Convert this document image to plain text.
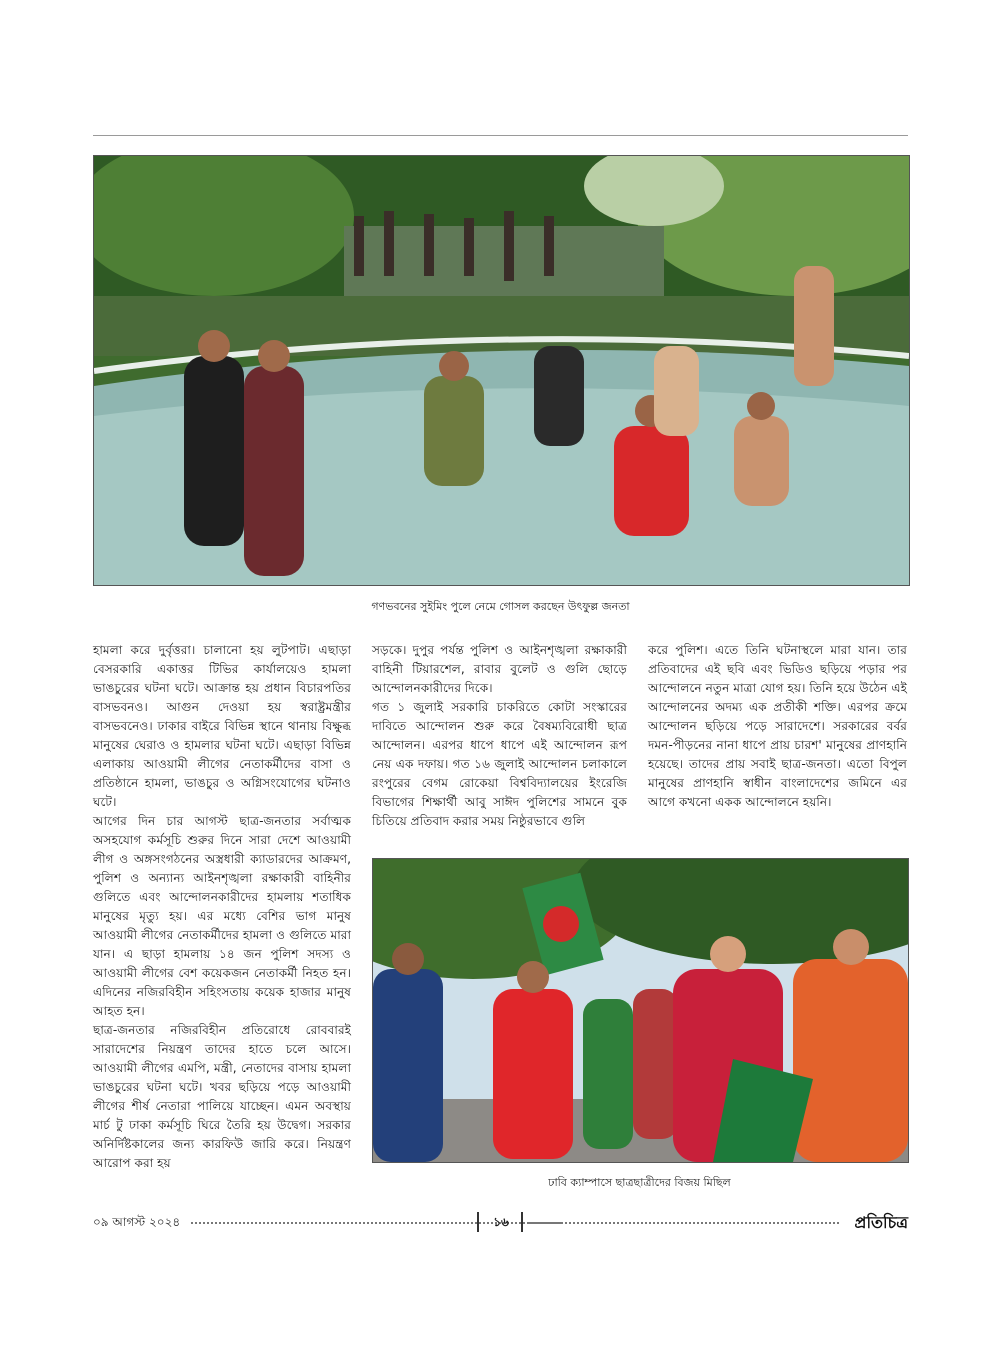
গণভবনের সুইমিং পুলে নেমে গোসল করছেন উৎফুল্ল জনতা

হামলা করে দুর্বৃত্তরা। চালানো হয় লুটপাট। এছাড়া বেসরকারি একাত্তর টিভির কার্যালয়েও হামলা ভাঙচুরের ঘটনা ঘটে। আক্রান্ত হয় প্রধান বিচারপতির বাসভবনও। আগুন দেওয়া হয় স্বরাষ্ট্রমন্ত্রীর বাসভবনেও। ঢাকার বাইরে বিভিন্ন স্থানে থানায় বিক্ষুব্ধ মানুষের ঘেরাও ও হামলার ঘটনা ঘটে। এছাড়া বিভিন্ন এলাকায় আওয়ামী লীগের নেতাকর্মীদের বাসা ও প্রতিষ্ঠানে হামলা, ভাঙচুর ও অগ্নিসংযোগের ঘটনাও ঘটে।

আগের দিন চার আগস্ট ছাত্র-জনতার সর্বাত্মক অসহযোগ কর্মসূচি শুরুর দিনে সারা দেশে আওয়ামী লীগ ও অঙ্গসংগঠনের অস্ত্রধারী ক্যাডারদের আক্রমণ, পুলিশ ও অন্যান্য আইনশৃঙ্খলা রক্ষাকারী বাহিনীর গুলিতে এবং আন্দোলনকারীদের হামলায় শতাধিক মানুষের মৃত্যু হয়। এর মধ্যে বেশির ভাগ মানুষ আওয়ামী লীগের নেতাকর্মীদের হামলা ও গুলিতে মারা যান। এ ছাড়া হামলায় ১৪ জন পুলিশ সদস্য ও আওয়ামী লীগের বেশ কয়েকজন নেতাকর্মী নিহত হন। এদিনের নজিরবিহীন সহিংসতায় কয়েক হাজার মানুষ আহত হন।

ছাত্র-জনতার নজিরবিহীন প্রতিরোধে রোববারই সারাদেশের নিয়ন্ত্রণ তাদের হাতে চলে আসে। আওয়ামী লীগের এমপি, মন্ত্রী, নেতাদের বাসায় হামলা ভাঙচুরের ঘটনা ঘটে। খবর ছড়িয়ে পড়ে আওয়ামী লীগের শীর্ষ নেতারা পালিয়ে যাচ্ছেন। এমন অবস্থায় মার্চ টু ঢাকা কর্মসূচি ঘিরে তৈরি হয় উদ্বেগ। সরকার অনির্দিষ্টকালের জন্য কারফিউ জারি করে। নিয়ন্ত্রণ আরোপ করা হয়

সড়কে। দুপুর পর্যন্ত পুলিশ ও আইনশৃঙ্খলা রক্ষাকারী বাহিনী টিয়ারশেল, রাবার বুলেট ও গুলি ছোড়ে আন্দোলনকারীদের দিকে।

গত ১ জুলাই সরকারি চাকরিতে কোটা সংস্কারের দাবিতে আন্দোলন শুরু করে বৈষম্যবিরোধী ছাত্র আন্দোলন। এরপর ধাপে ধাপে এই আন্দোলন রূপ নেয় এক দফায়। গত ১৬ জুলাই আন্দোলন চলাকালে রংপুরের বেগম রোকেয়া বিশ্ববিদ্যালয়ের ইংরেজি বিভাগের শিক্ষার্থী আবু সাঈদ পুলিশের সামনে বুক চিতিয়ে প্রতিবাদ করার সময় নিষ্ঠুরভাবে গুলি

করে পুলিশ। এতে তিনি ঘটনাস্থলে মারা যান। তার প্রতিবাদের এই ছবি এবং ভিডিও ছড়িয়ে পড়ার পর আন্দোলনে নতুন মাত্রা যোগ হয়। তিনি হয়ে উঠেন এই আন্দোলনের অদম্য এক প্রতীকী শক্তি। এরপর ক্রমে আন্দোলন ছড়িয়ে পড়ে সারাদেশে। সরকারের বর্বর দমন-পীড়নের নানা ধাপে প্রায় চারশ' মানুষের প্রাণহানি হয়েছে। তাদের প্রায় সবাই ছাত্র-জনতা। এতো বিপুল মানুষের প্রাণহানি স্বাধীন বাংলাদেশের জমিনে এর আগে কখনো একক আন্দোলনে হয়নি।

ঢাবি ক্যাম্পাসে ছাত্রছাত্রীদের বিজয় মিছিল
০৯ আগস্ট ২০২৪	১৬	প্রতিচিত্র
